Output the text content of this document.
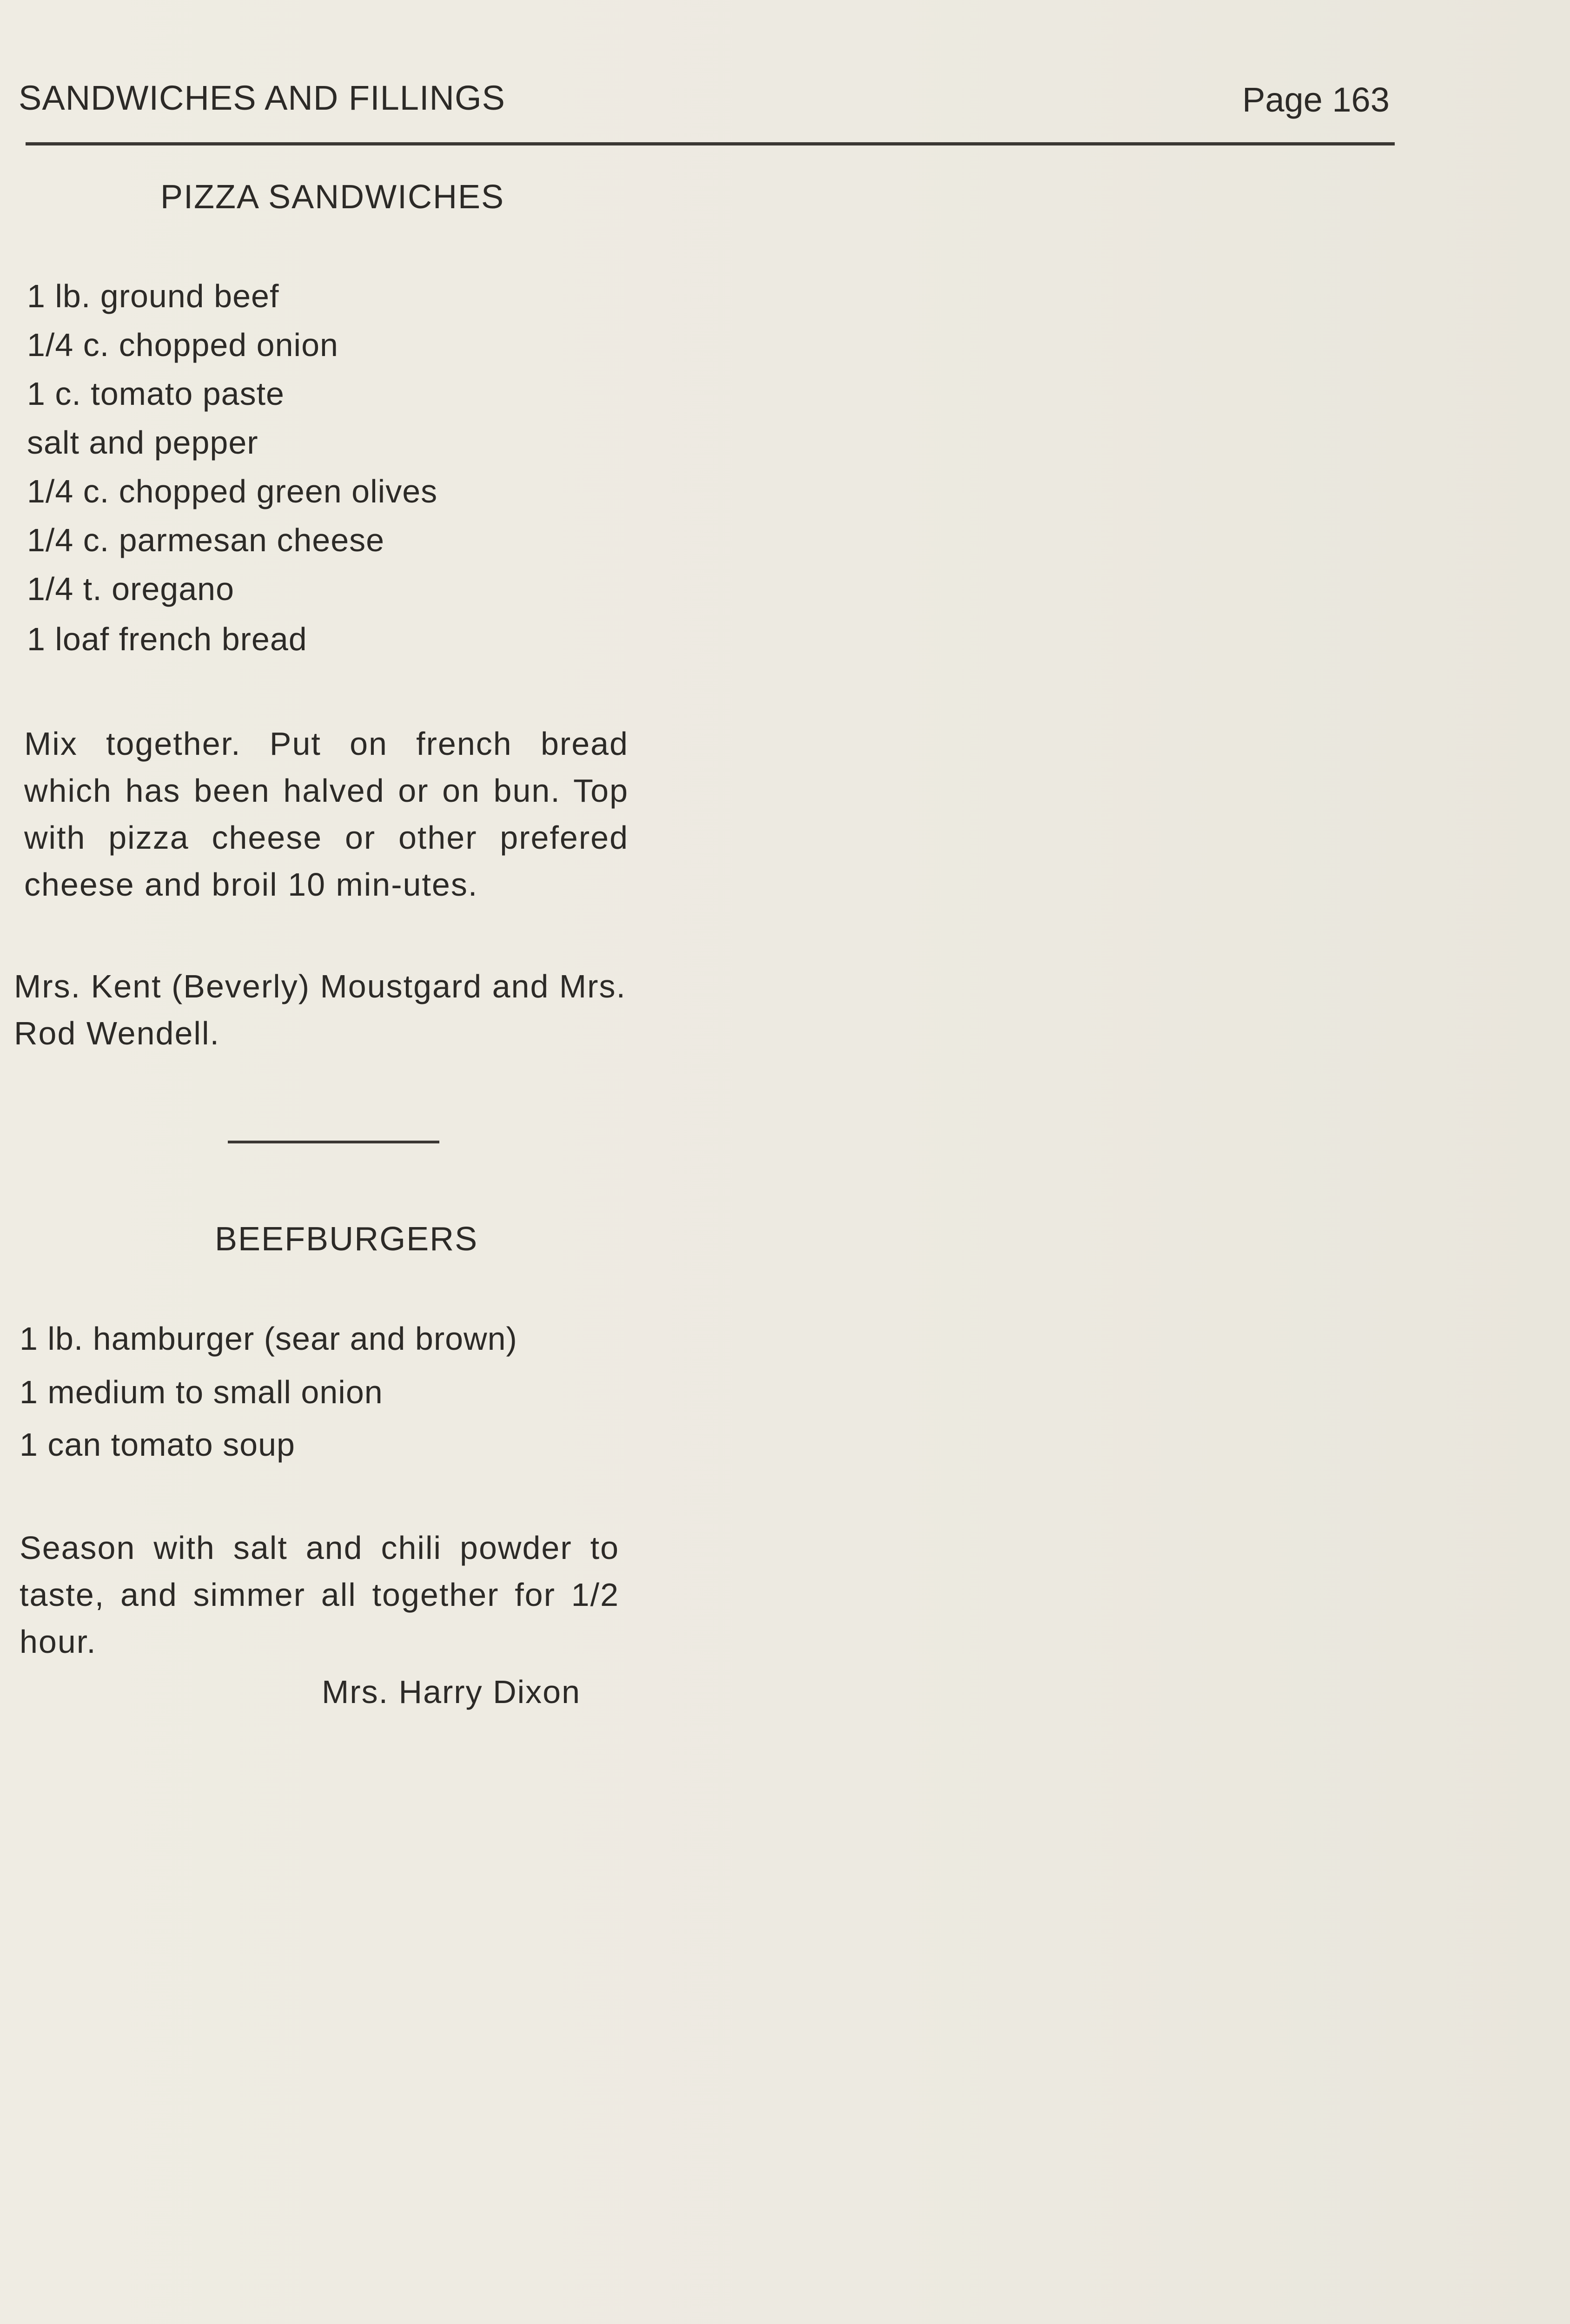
SANDWICHES AND FILLINGS	Page 163
PIZZA SANDWICHES
1 lb. ground beef
1/4 c. chopped onion
1 c. tomato paste
salt and pepper
1/4 c. chopped green olives
1/4 c. parmesan cheese
1/4 t. oregano
1 loaf french bread

Mix together. Put on french bread which has been halved or on bun. Top with pizza cheese or other prefered cheese and broil 10 min-utes.

Mrs. Kent (Beverly) Moustgard and Mrs. Rod Wendell.

BEEFBURGERS
1 lb. hamburger (sear and brown)
1 medium to small onion
1 can tomato soup

Season with salt and chili powder to taste, and simmer all together for 1/2 hour.

Mrs. Harry Dixon
